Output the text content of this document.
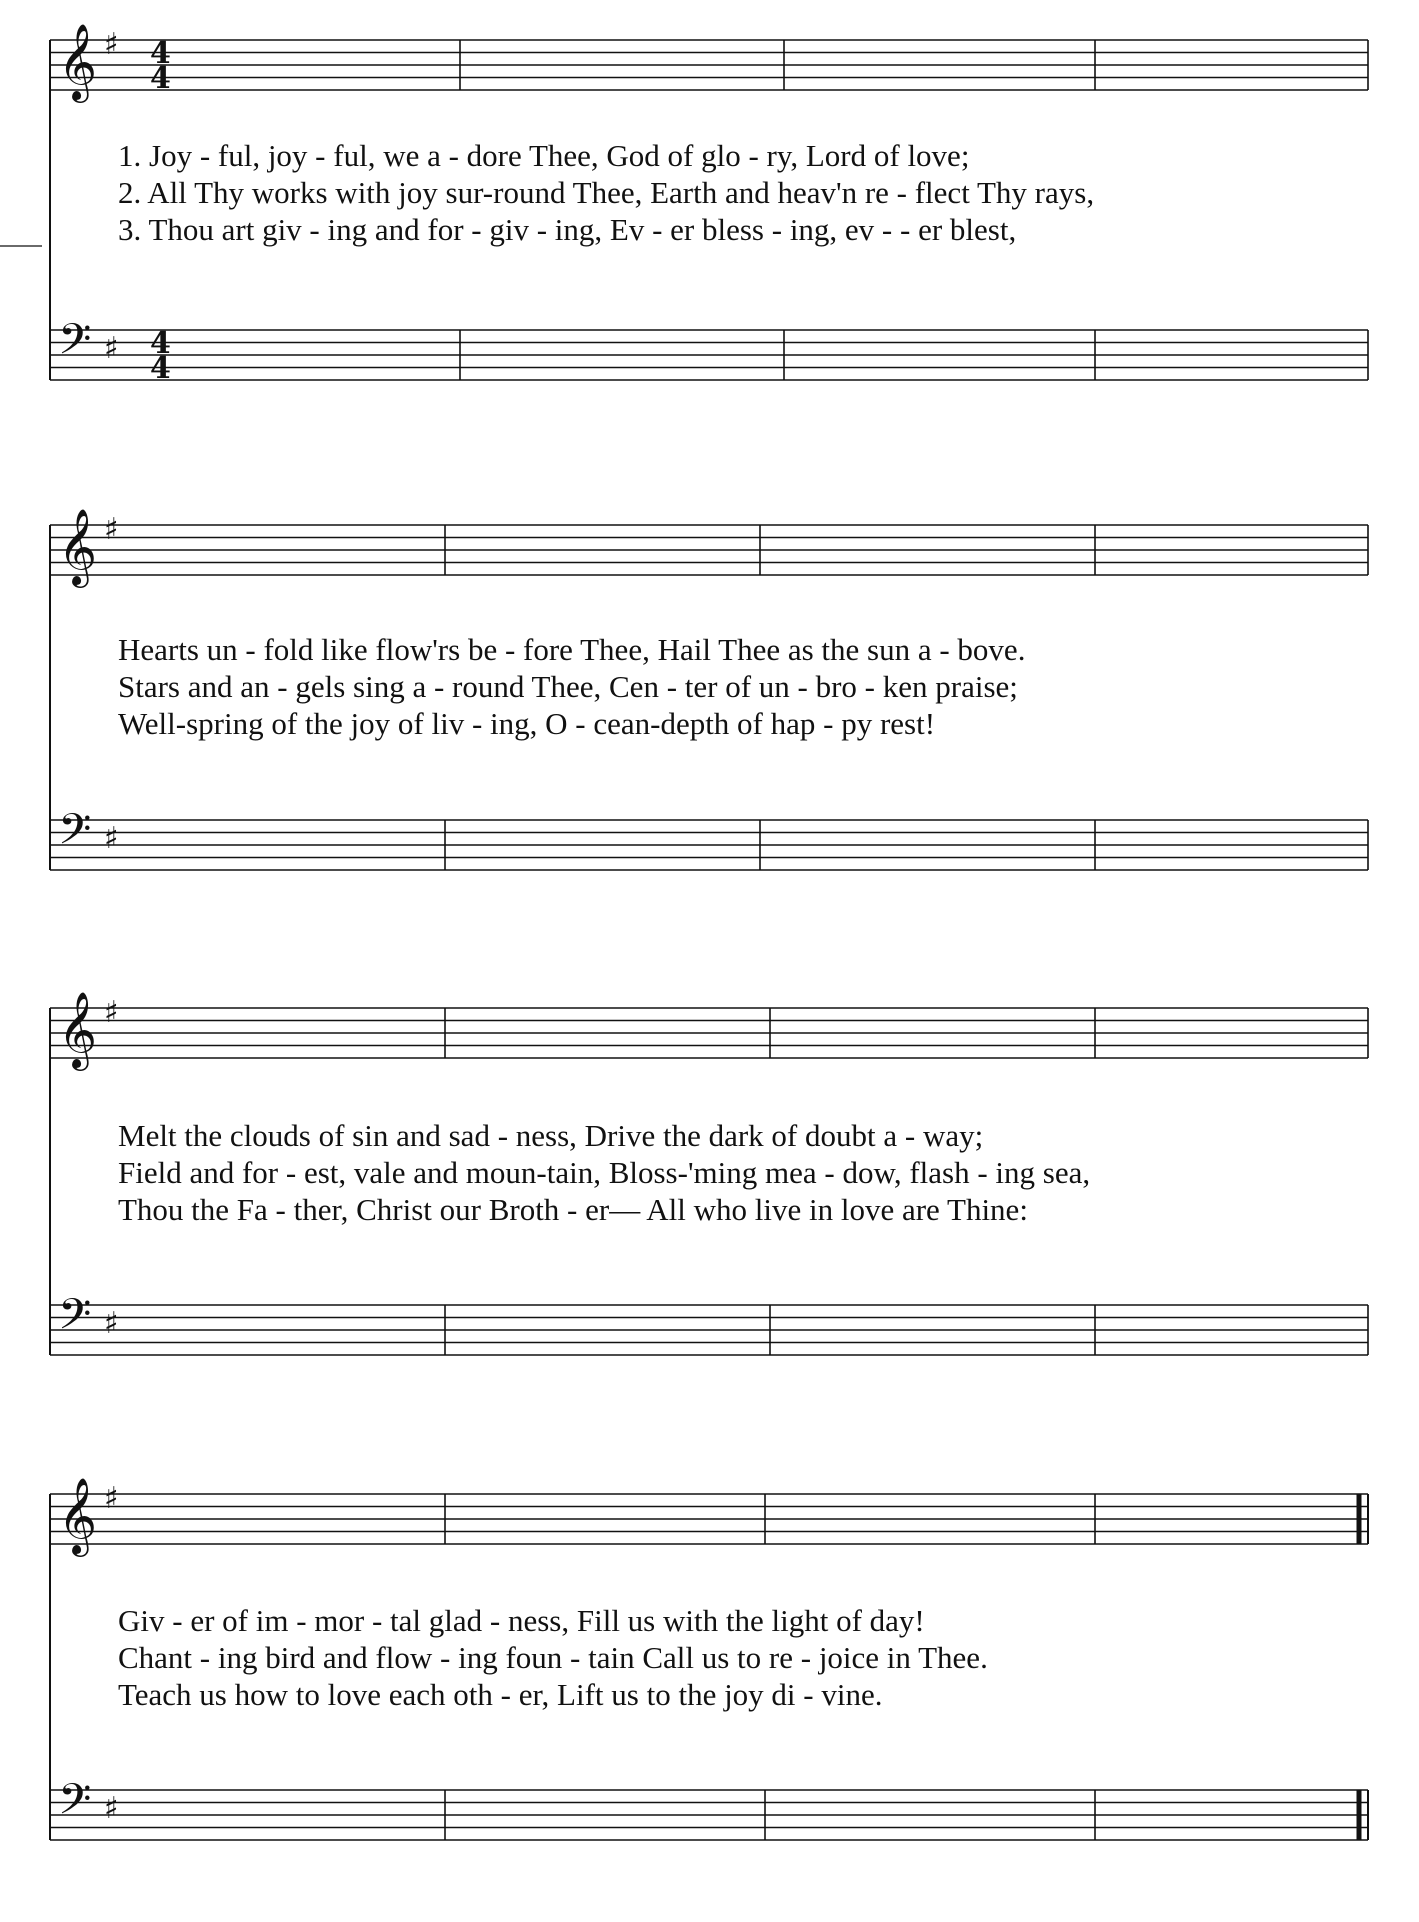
𝄞 ♯ 4
4
𝄢 ♯ 4
4
𝄞 ♯
𝄢 ♯
𝄞 ♯
𝄢 ♯
𝄞 ♯
𝄢 ♯
1. Joy - ful, joy - ful, we a - dore Thee, God of glo - ry, Lord of love;
2. All Thy works with joy sur-round Thee, Earth and heav'n re - flect Thy rays,
3. Thou art giv - ing and for - giv - ing, Ev - er bless - ing, ev - - er blest,
Hearts un - fold like flow'rs be - fore Thee, Hail Thee as the sun a - bove.
Stars and an - gels sing a - round Thee, Cen - ter of un - bro - ken praise;
Well-spring of the joy of liv - ing, O - cean-depth of hap - py rest!
Melt the clouds of sin and sad - ness, Drive the dark of doubt a - way;
Field and for - est, vale and moun-tain, Bloss-'ming mea - dow, flash - ing sea,
Thou the Fa - ther, Christ our Broth - er— All who live in love are Thine:
Giv - er of im - mor - tal glad - ness, Fill us with the light of day!
Chant - ing bird and flow - ing foun - tain Call us to re - joice in Thee.
Teach us how to love each oth - er, Lift us to the joy di - vine.
